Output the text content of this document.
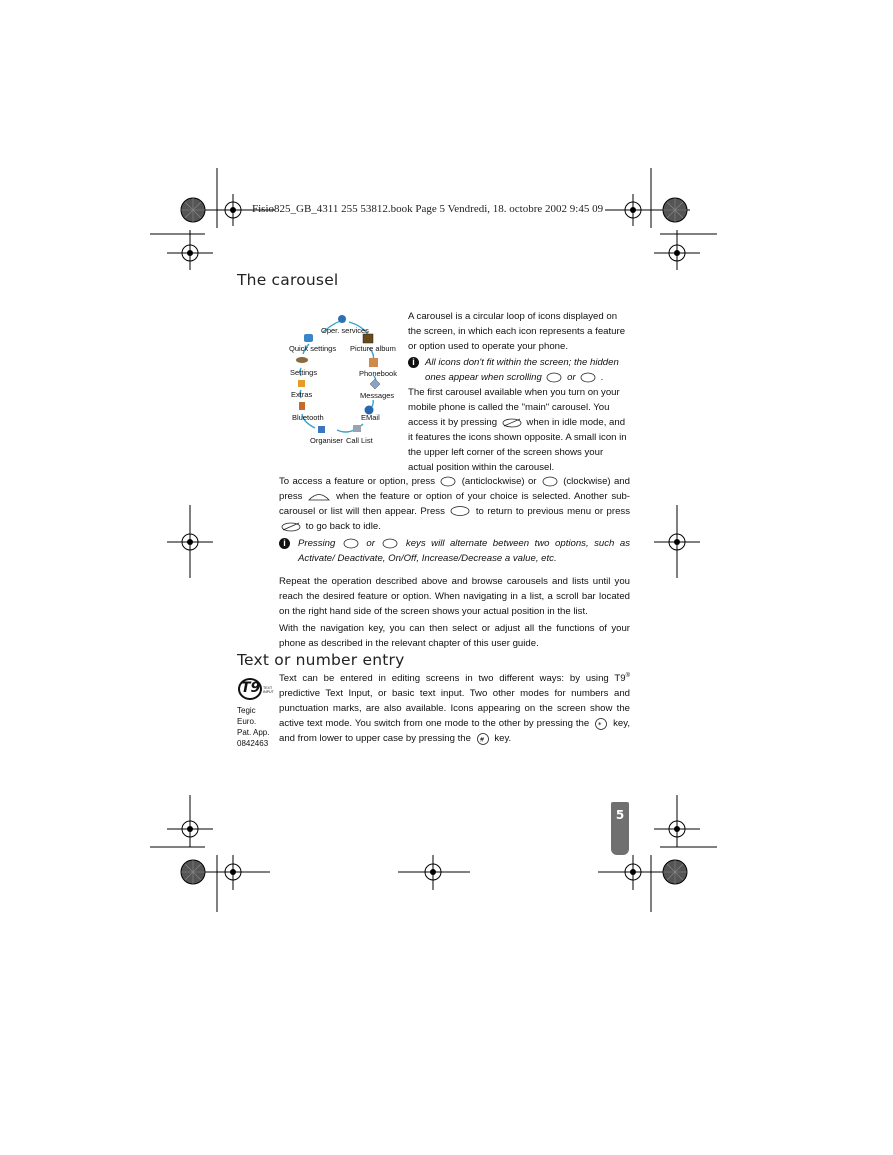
Fisio825_GB_4311 255 53812.book Page 5 Vendredi, 18. octobre 2002 9:45 09
The carousel
Oper. services
Quick settings Picture album
Settings	Phonebook
Extras	Messages
Bluetooth	EMail
Organiser Call List

A carousel is a circular loop of icons displayed on the screen, in which each icon represents a feature or option used to operate your phone.

i	All icons don't fit within the screen; the hidden ones appear when scrolling	or	.

The first carousel available when you turn on your mobile phone is called the "main" carousel. You access it by pressing	when in idle mode, and it features the icons shown opposite. A small icon in the upper left corner of the screen shows your actual position within the carousel.

To access a feature or option, press	(anticlockwise) or	(clockwise) and press	when the feature or option of your choice is selected. Another sub-carousel or list will then appear. Press	to return to previous menu or press  to go back to idle.

i	Pressing	or	keys will alternate between two options, such as Activate/ Deactivate, On/Off, Increase/Decrease a value, etc.

Repeat the operation described above and browse carousels and lists until you reach the desired feature or option. When navigating in a list, a scroll bar located on the right hand side of the screen shows your actual position in the list.

With the navigation key, you can then select or adjust all the functions of your phone as described in the relevant chapter of this user guide.

Text or number entry
T9 TEXT INPUT
Tegic Euro.
Pat. App.
0842463

Text can be entered in editing screens in two different ways: by using T9® predictive Text Input, or basic text input. Two other modes for numbers and punctuation marks, are also available. Icons appearing on the screen show the active text mode. You switch from one mode to the other by pressing the * key, and from lower to upper case by pressing the # key.

5
